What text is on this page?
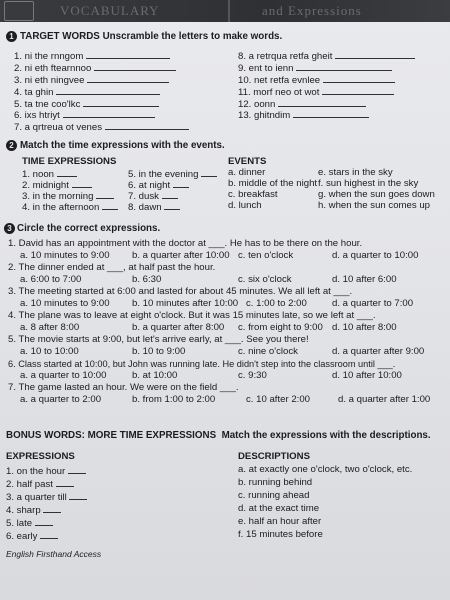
VOCABULARY	and Expressions
1 TARGET WORDS Unscramble the letters to make words.
1. ni the rnngom
2. ni eth ftearnnoo
3. ni eth ningvee
4. ta ghin
5. ta tne coo'lkc
6. ixs htriyt
7. a qrtreua ot venes
8. a retrqua retfa gheit
9. ent to ienn
10. net retfa evnlee
11. morf neo ot wot
12. oonn
13. ghitndim
2 Match the time expressions with the events.
TIME EXPRESSIONS	EVENTS
1. noon
2. midnight
3. in the morning
4. in the afternoon
5. in the evening
6. at night
7. dusk
8. dawn
a. dinner
b. middle of the night
c. breakfast
d. lunch
e. stars in the sky
f. sun highest in the sky
g. when the sun goes down
h. when the sun comes up
3 Circle the correct expressions.
1. David has an appointment with the doctor at ___. He has to be there on the hour.
a. 10 minutes to 9:00 b. a quarter after 10:00 c. ten o'clock	d. a quarter to 10:00
2. The dinner ended at ___, at half past the hour.
a. 6:00 to 7:00	b. 6:30	c. six o'clock	d. 10 after 6:00
3. The meeting started at 6:00 and lasted for about 45 minutes. We all left at ___.
a. 10 minutes to 9:00 b. 10 minutes after 10:00 c. 1:00 to 2:00	d. a quarter to 7:00
4. The plane was to leave at eight o'clock. But it was 15 minutes late, so we left at ___.
a. 8 after 8:00	b. a quarter after 8:00 c. from eight to 9:00 d. 10 after 8:00
5. The movie starts at 9:00, but let's arrive early, at ___. See you there!
a. 10 to 10:00	b. 10 to 9:00	c. nine o'clock	d. a quarter after 9:00
6. Class started at 10:00, but John was running late. He didn't step into the classroom until ___.
a. a quarter to 10:00	b. at 10:00	c. 9:30	d. 10 after 10:00
7. The game lasted an hour. We were on the field ___.
a. a quarter to 2:00	b. from 1:00 to 2:00	c. 10 after 2:00	d. a quarter after 1:00
BONUS WORDS: MORE TIME EXPRESSIONS Match the expressions with the descriptions.
EXPRESSIONS	DESCRIPTIONS
1. on the hour
2. half past
3. a quarter till
4. sharp
5. late
6. early
a. at exactly one o'clock, two o'clock, etc.
b. running behind
c. running ahead
d. at the exact time
e. half an hour after
f. 15 minutes before
English Firsthand Access
